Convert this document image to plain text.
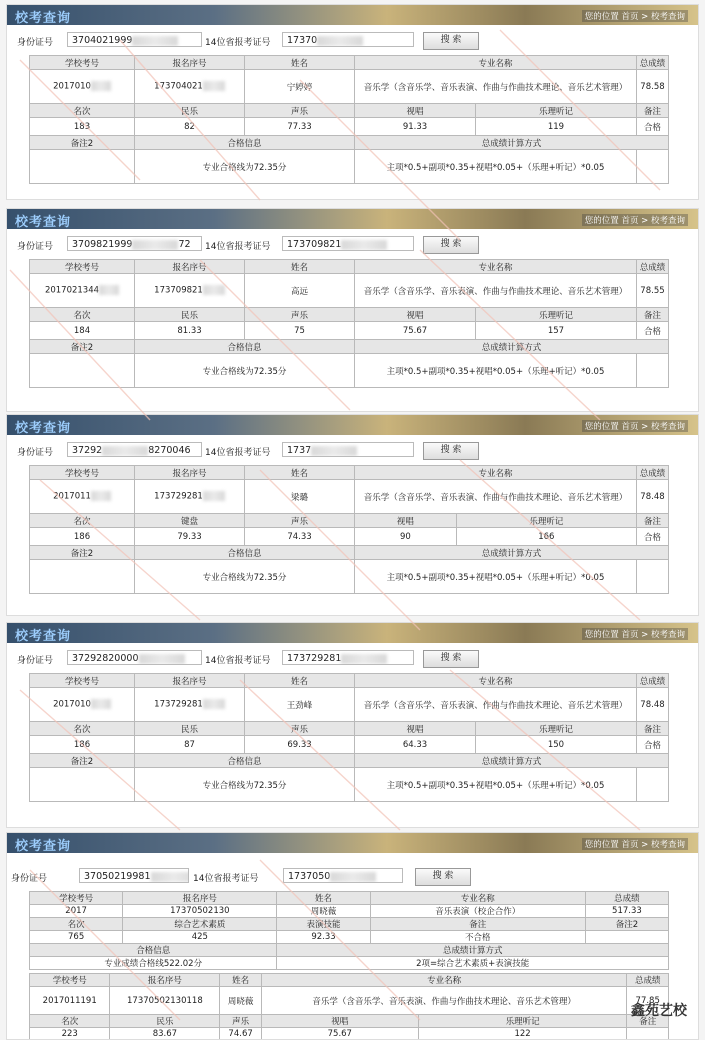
校考查询	您的位置 首页 > 校考查询
身份证号	3704021999	14位省报考证号	17370	搜 索
学校考号	报名序号	姓名	专业名称		总成绩
2017010	173704021	宁婷婷	音乐学（含音乐学、音乐表演、作曲与作曲技术理论、音乐艺术管理）		78.58
名次	民乐	声乐	视唱	乐理听记	备注
183	82	77.33	91.33	119	合格
备注2	合格信息		总成绩计算方式		
	专业合格线为72.35分		主项*0.5+副项*0.35+视唱*0.05+（乐理+听记）*0.05		
校考查询	您的位置 首页 > 校考查询
身份证号	3709821999	72	14位省报考证号	173709821	搜 索
学校考号	报名序号	姓名	专业名称		总成绩
2017021344	173709821	高远	音乐学（含音乐学、音乐表演、作曲与作曲技术理论、音乐艺术管理）		78.55
名次	民乐	声乐	视唱	乐理听记	备注
184	81.33	75	75.67	157	合格
备注2	合格信息		总成绩计算方式		
	专业合格线为72.35分		主项*0.5+副项*0.35+视唱*0.05+（乐理+听记）*0.05		
校考查询	您的位置 首页 > 校考查询
身份证号	37292	8270046	14位省报考证号	1737	搜 索
学校考号	报名序号	姓名	专业名称		总成绩
2017011	173729281	梁璐	音乐学（含音乐学、音乐表演、作曲与作曲技术理论、音乐艺术管理）		78.48
名次	键盘	声乐	视唱	乐理听记	备注
186	79.33	74.33	90	166	合格
备注2	合格信息		总成绩计算方式		
	专业合格线为72.35分		主项*0.5+副项*0.35+视唱*0.05+（乐理+听记）*0.05		
校考查询	您的位置 首页 > 校考查询
身份证号	37292820000	14位省报考证号	173729281	搜 索
学校考号	报名序号	姓名	专业名称		总成绩
2017010	173729281	王劲峰	音乐学（含音乐学、音乐表演、作曲与作曲技术理论、音乐艺术管理）		78.48
名次	民乐	声乐	视唱	乐理听记	备注
186	87	69.33	64.33	150	合格
备注2	合格信息		总成绩计算方式		
	专业合格线为72.35分		主项*0.5+副项*0.35+视唱*0.05+（乐理+听记）*0.05		
校考查询	您的位置 首页 > 校考查询
身份证号	37050219981	14位省报考证号	1737050	搜 索
学校考号	报名序号	姓名	专业名称	总成绩
2017	17370502130	周晓薇	音乐表演（校企合作）	517.33
名次	综合艺术素质	表演技能	备注	备注2
765	425	92.33	不合格	
合格信息		总成绩计算方式		
专业成绩合格线522.02分		2项=综合艺术素质+表演技能		
学校考号	报名序号	姓名	专业名称		总成绩
2017011191	17370502130118	周晓薇	音乐学（含音乐学、音乐表演、作曲与作曲技术理论、音乐艺术管理）		77.85
名次	民乐	声乐	视唱	乐理听记	备注
223	83.67	74.67	75.67	122	
鑫苑艺校
